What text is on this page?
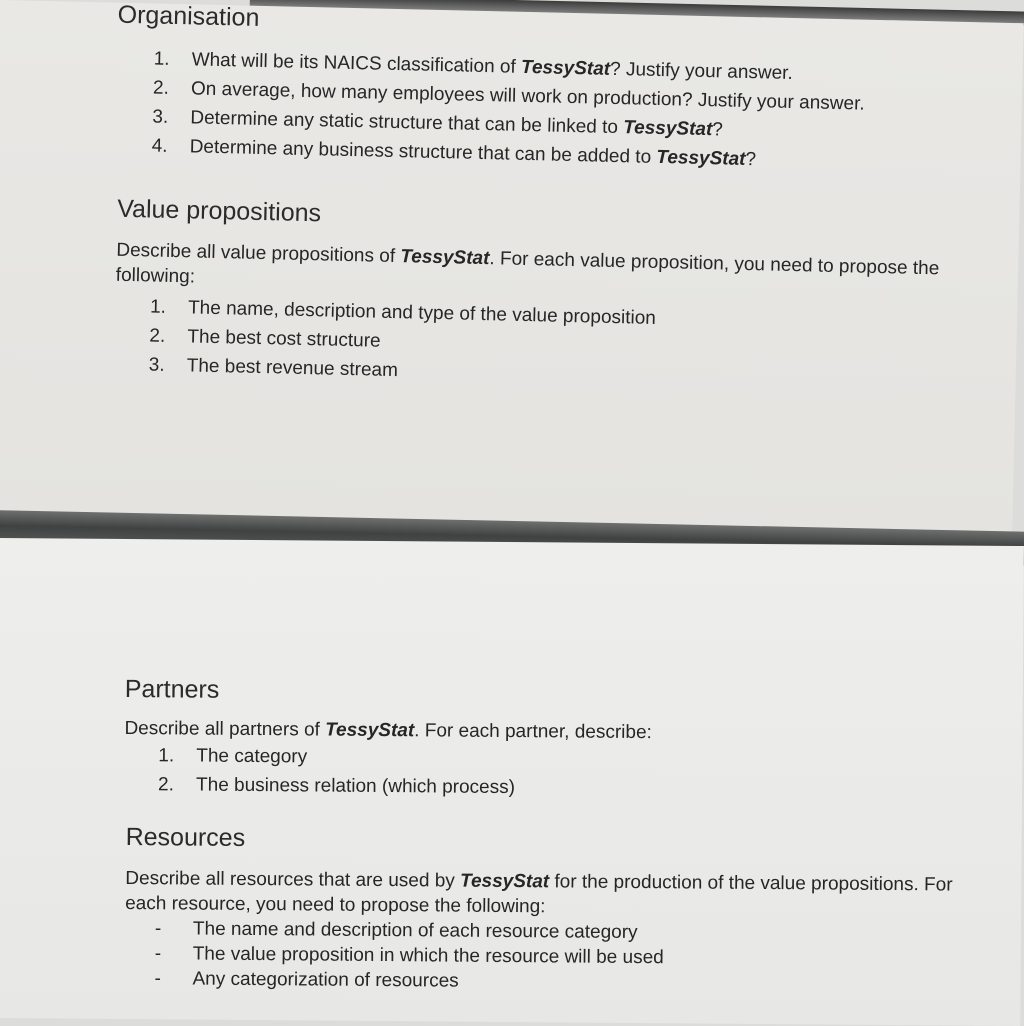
Organisation
1. What will be its NAICS classification of TessyStat? Justify your answer.
2. On average, how many employees will work on production? Justify your answer.
3. Determine any static structure that can be linked to TessyStat?
4. Determine any business structure that can be added to TessyStat?
Value propositions

Describe all value propositions of TessyStat. For each value proposition, you need to propose the following:

1. The name, description and type of the value proposition
2. The best cost structure
3. The best revenue stream
Partners

Describe all partners of TessyStat. For each partner, describe:

1. The category
2. The business relation (which process)
Resources

Describe all resources that are used by TessyStat for the production of the value propositions. For each resource, you need to propose the following:

- The name and description of each resource category
- The value proposition in which the resource will be used
- Any categorization of resources
